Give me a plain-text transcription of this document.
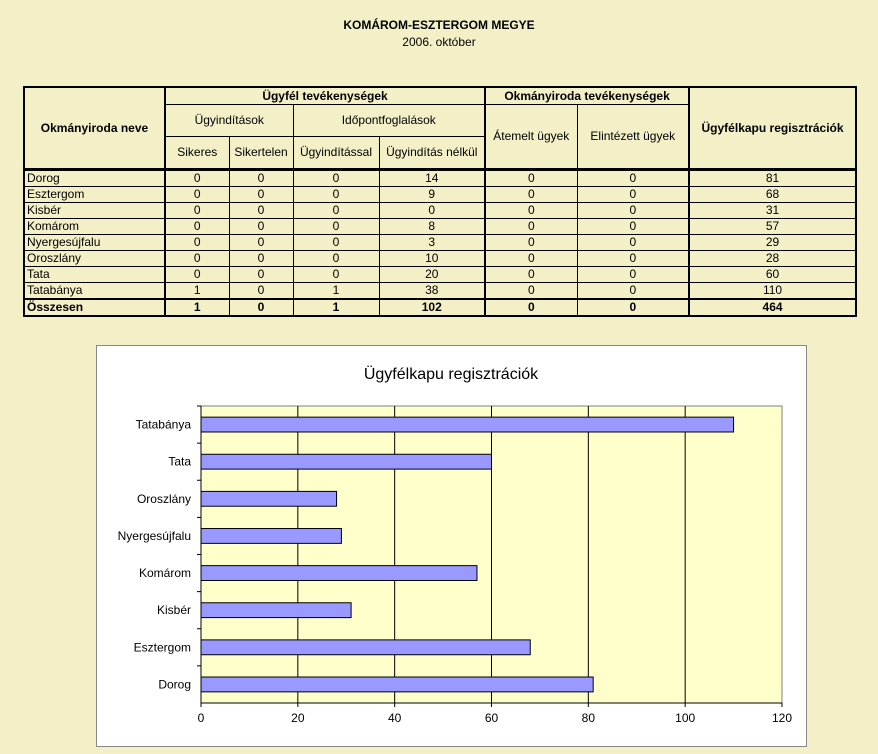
KOMÁROM-ESZTERGOM MEGYE
2006. október
Okmányiroda neve	Ügyfél tevékenységek				Okmányiroda tevékenységek		Ügyfélkapu regisztrációk
	Ügyindítások		Időpontfoglalások		Átemelt ügyek	Elintézett ügyek	
	Sikeres	Sikertelen	Ügyindítással	Ügyindítás nélkül			

Dorog	0	0	0	14	0	0	81
Esztergom	0	0	0	9	0	0	68
Kisbér	0	0	0	0	0	0	31
Komárom	0	0	0	8	0	0	57
Nyergesújfalu	0	0	0	3	0	0	29
Oroszlány	0	0	0	10	0	0	28
Tata	0	0	0	20	0	0	60
Tatabánya	1	0	1	38	0	0	110
Összesen	1	0	1	102	0	0	464
Ügyfélkapu regisztrációk
0	20	40	60	80	100	120
Tatabánya
Tata
Oroszlány
Nyergesújfalu
Komárom
Kisbér
Esztergom
Dorog
